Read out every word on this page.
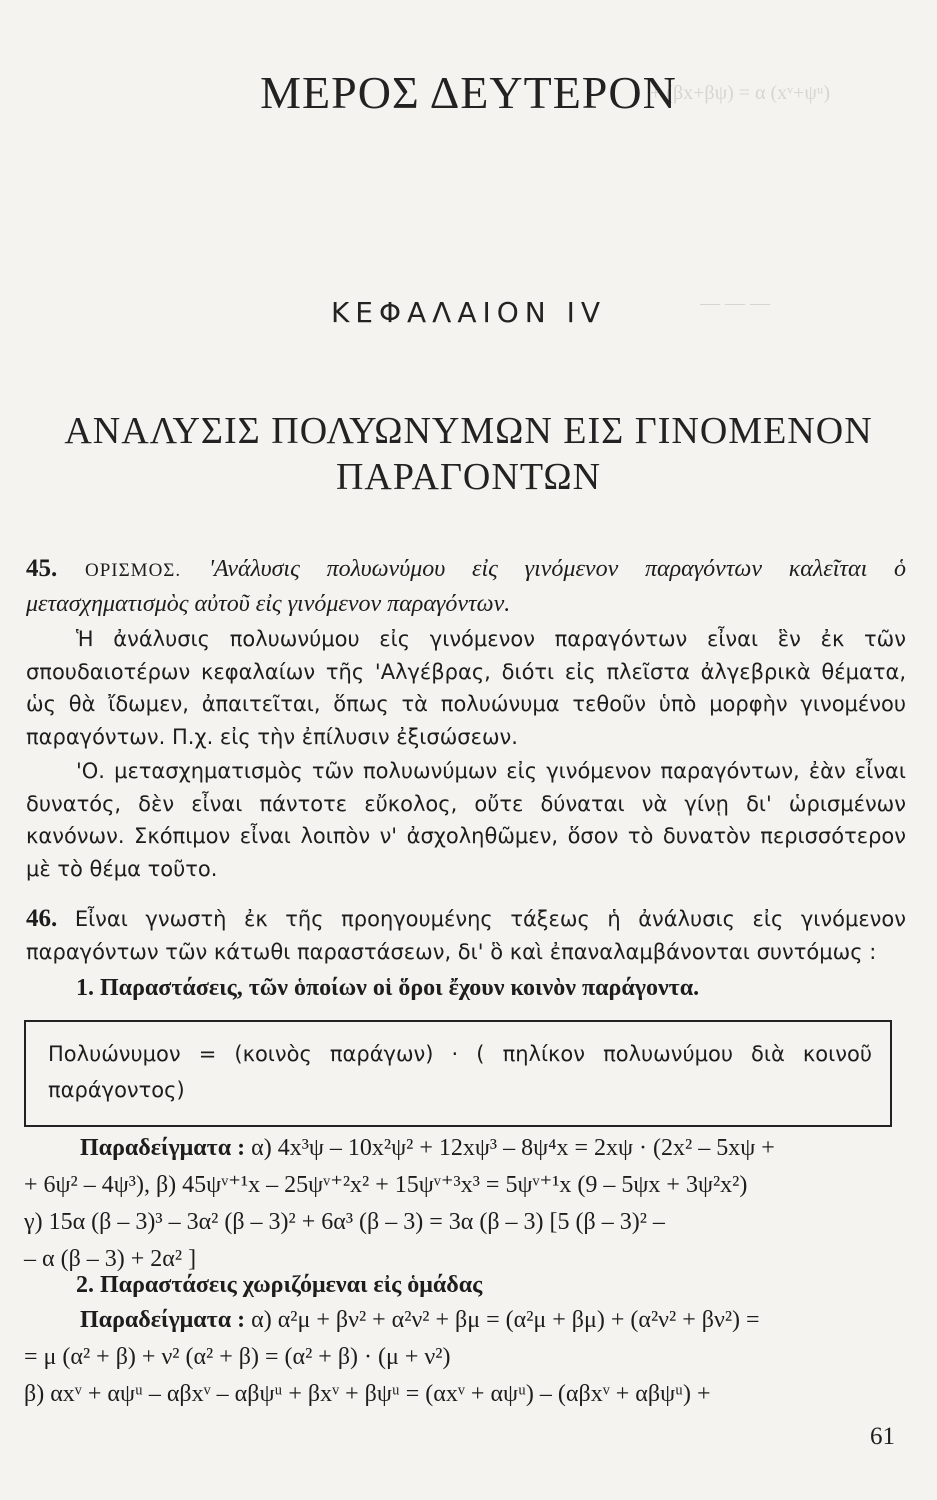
+ (βx+βψ) = α (xᵛ+ψᵘ)
— — —
ΜΕΡΟΣ ΔΕΥΤΕΡΟΝ
ΚΕΦΑΛΑΙΟΝ IV
ΑΝΑΛΥΣΙΣ ΠΟΛΥΩΝΥΜΩΝ ΕΙΣ ΓΙΝΟΜΕΝΟΝ
ΠΑΡΑΓΟΝΤΩΝ

45. ΟΡΙΣΜΟΣ. 'Ανάλυσις πολυωνύμου εἰς γινόμενον παραγόντων καλεῖται ὁ μετασχηματισμὸς αὐτοῦ εἰς γινόμενον παραγόντων.

Ἡ ἀνάλυσις πολυωνύμου εἰς γινόμενον παραγόντων εἶναι ἓν ἐκ τῶν σπουδαιοτέρων κεφαλαίων τῆς 'Αλγέβρας, διότι εἰς πλεῖστα ἀλγεβρικὰ θέματα, ὡς θὰ ἴδωμεν, ἀπαιτεῖται, ὅπως τὰ πολυώνυμα τεθοῦν ὑπὸ μορφὴν γινομένου παραγόντων. Π.χ. εἰς τὴν ἐπίλυσιν ἐξισώσεων.

'Ο. μετασχηματισμὸς τῶν πολυωνύμων εἰς γινόμενον παραγόντων, ἐὰν εἶναι δυνατός, δὲν εἶναι πάντοτε εὔκολος, οὔτε δύναται νὰ γίνῃ δι' ὡρισμένων κανόνων. Σκόπιμον εἶναι λοιπὸν ν' ἀσχοληθῶμεν, ὅσον τὸ δυνατὸν περισσότερον μὲ τὸ θέμα τοῦτο.

46. Εἶναι γνωστὴ ἐκ τῆς προηγουμένης τάξεως ἡ ἀνάλυσις εἰς γινόμενον παραγόντων τῶν κάτωθι παραστάσεων, δι' ὃ καὶ ἐπαναλαμβάνονται συντόμως :

1. Παραστάσεις, τῶν ὁποίων οἱ ὅροι ἔχουν κοινὸν παράγοντα.
Πολυώνυμον = (κοινὸς παράγων) · ( πηλίκον πολυωνύμου διὰ κοινοῦ παράγοντος)
Παραδείγματα : α) 4x³ψ – 10x²ψ² + 12xψ³ – 8ψ⁴x = 2xψ · (2x² – 5xψ +
+ 6ψ² – 4ψ³), β) 45ψᵛ⁺¹x – 25ψᵛ⁺²x² + 15ψᵛ⁺³x³ = 5ψᵛ⁺¹x (9 – 5ψx + 3ψ²x²)
γ) 15α (β – 3)³ – 3α² (β – 3)² + 6α³ (β – 3) = 3α (β – 3) [5 (β – 3)² –
– α (β – 3) + 2α² ]
2. Παραστάσεις χωριζόμεναι εἰς ὁμάδας
Παραδείγματα : α) α²μ + βν² + α²ν² + βμ = (α²μ + βμ) + (α²ν² + βν²) =
= μ (α² + β) + ν² (α² + β) = (α² + β) · (μ + ν²)
β) αxᵛ + αψᵘ – αβxᵛ – αβψᵘ + βxᵛ + βψᵘ = (αxᵛ + αψᵘ) – (αβxᵛ + αβψᵘ) +
61
